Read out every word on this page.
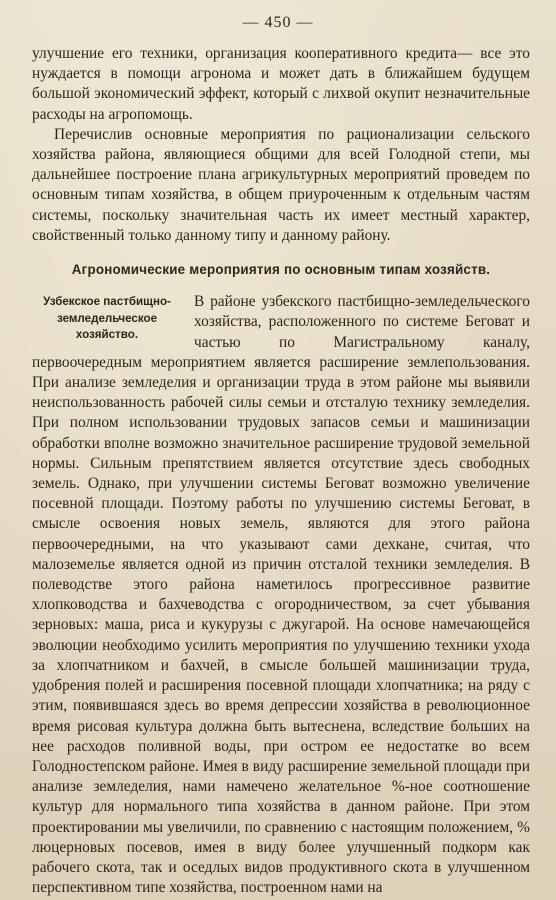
— 450 —

улучшение его техники, организация кооперативного кредита— все это нуждается в помощи агронома и может дать в ближайшем будущем большой экономический эффект, который с лихвой окупит незначительные расходы на агропомощь.

Перечислив основные мероприятия по рационализации сельского хозяйства района, являющиеся общими для всей Голодной степи, мы дальнейшее построение плана агрикультурных мероприятий проведем по основным типам хозяйства, в общем приуроченным к отдельным частям системы, поскольку значительная часть их имеет местный характер, свойственный только данному типу и данному району.

Агрономические мероприятия по основным типам хозяйств.

Узбекское пастбищно-земледельческое хозяйство.

В районе узбекского пастбищно-земледельческого хозяйства, расположенного по системе Беговат и частью по Магистральному каналу, первоочередным мероприятием является расширение землепользования. При анализе земледелия и организации труда в этом районе мы выявили неиспользованность рабочей силы семьи и отсталую технику земледелия. При полном использовании трудовых запасов семьи и машинизации обработки вполне возможно значительное расширение трудовой земельной нормы. Сильным препятствием является отсутствие здесь свободных земель. Однако, при улучшении системы Беговат возможно увеличение посевной площади. Поэтому работы по улучшению системы Беговат, в смысле освоения новых земель, являются для этого района первоочередными, на что указывают сами дехкане, считая, что малоземелье является одной из причин отсталой техники земледелия. В полеводстве этого района наметилось прогрессивное развитие хлопководства и бахчеводства с огородничеством, за счет убывания зерновых: маша, риса и кукурузы с джугарой. На основе намечающейся эволюции необходимо усилить мероприятия по улучшению техники ухода за хлопчатником и бахчей, в смысле большей машинизации труда, удобрения полей и расширения посевной площади хлопчатника; на ряду с этим, появившаяся здесь во время депрессии хозяйства в революционное время рисовая культура должна быть вытеснена, вследствие больших на нее расходов поливной воды, при остром ее недостатке во всем Голодностепском районе. Имея в виду расширение земельной площади при анализе земледелия, нами намечено желательное %-ное соотношение культур для нормального типа хозяйства в данном районе. При этом проектировании мы увеличили, по сравнению с настоящим положением, % люцерновых посевов, имея в виду более улучшенный подкорм как рабочего скота, так и оседлых видов продуктивного скота в улучшенном перспективном типе хозяйства, построенном нами на
